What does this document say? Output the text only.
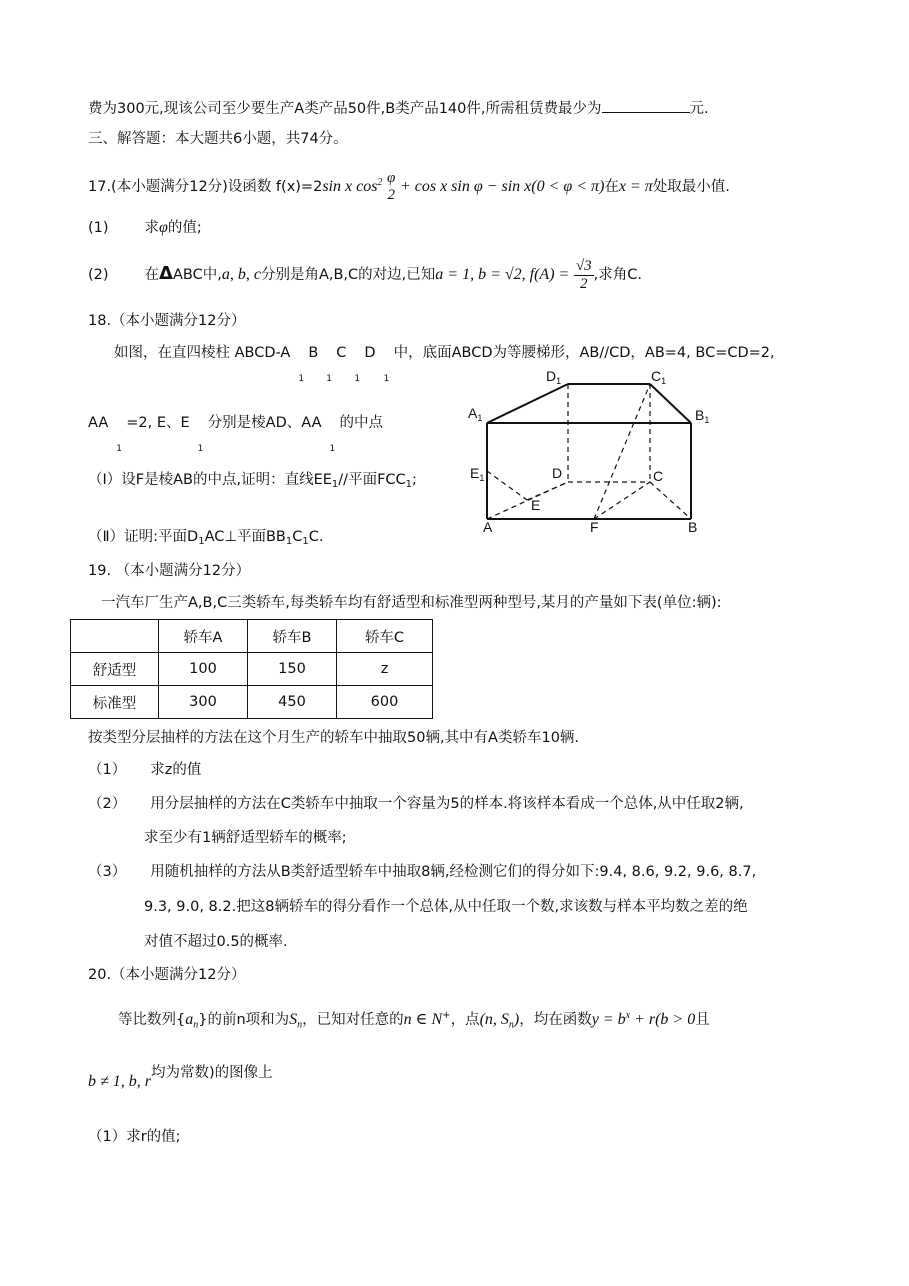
费为300元,现该公司至少要生产A类产品50件,B类产品140件,所需租赁费最少为	元.
三、解答题：本大题共6小题，共74分。
17.(本小题满分12分)设函数 f(x)=2sin x $\cos^2 \varphi$
2 + cos x sin φ − sin x(0 < φ < π)在x = π处取最小值.
(1) 求φ的值;
(2) 在ΔABC中,a, b, c分别是角A,B,C的对边,已知a = 1, b = √2, $f(A) = \frac{√3}{2}$ ,求角C.
18.（本小题满分12分）
如图，在直四棱柱 ABCD-A
1
B
1
C
1
D
1
中，底面ABCD为等腰梯形，AB//CD，AB=4, BC=CD=2,
AA
1
=2, E、E
1
分别是棱AD、AA
1
的中点
（Ⅰ）设F是棱AB的中点,证明：直线$EE_1//$平面$FCC_1$;
（Ⅱ）证明:平面$D_1AC\perp$平面$BB_1C_1C$.
$D_1$	$C_1$
$A_1$	$B_1$
D	C
$E_1$
E
A	F	B
19. （本小题满分12分）
一汽车厂生产A,B,C三类轿车,每类轿车均有舒适型和标准型两种型号,某月的产量如下表(单位:辆):
	轿车A	轿车B	轿车C
舒适型	100	150	z
标准型	300	450	600
按类型分层抽样的方法在这个月生产的轿车中抽取50辆,其中有A类轿车10辆.
（1） 求z的值
（2） 用分层抽样的方法在C类轿车中抽取一个容量为5的样本.将该样本看成一个总体,从中任取2辆,
求至少有1辆舒适型轿车的概率;
（3） 用随机抽样的方法从B类舒适型轿车中抽取8辆,经检测它们的得分如下:9.4, 8.6, 9.2, 9.6, 8.7,
9.3, 9.0, 8.2.把这8辆轿车的得分看作一个总体,从中任取一个数,求该数与样本平均数之差的绝
对值不超过0.5的概率.
20.（本小题满分12分）
等比数列$\{a_n\}$的前n项和为$S_n$，已知对任意的n ∈ N+，点(n, $S_n$)，均在函数$y = b^x + r(b > 0$且
b ≠ 1, b, r均为常数)的图像上
（1）求r的值;
